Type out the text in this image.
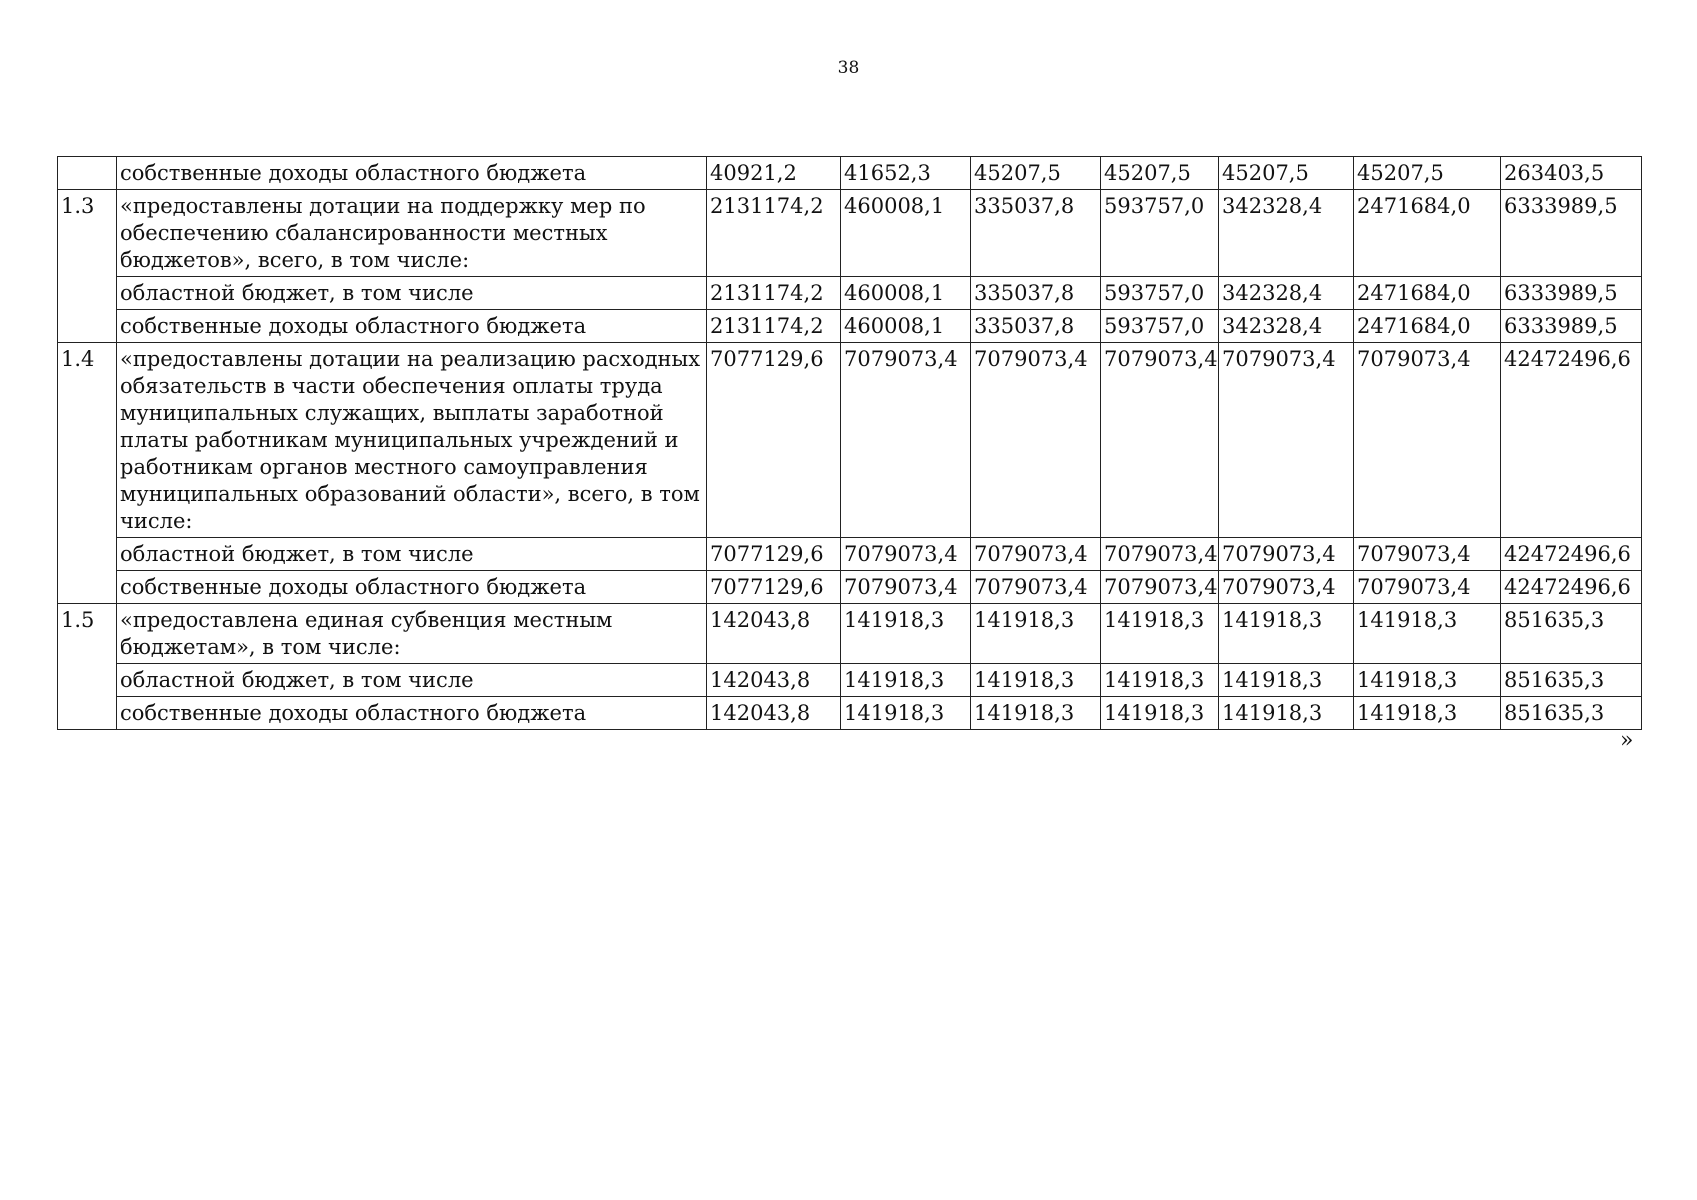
38
	собственные доходы областного бюджета	40921,2	41652,3	45207,5	45207,5	45207,5	45207,5	263403,5
1.3	«предоставлены дотации на поддержку мер по обеспечению сбалансированности местных бюджетов», всего, в том числе:	2131174,2	460008,1	335037,8	593757,0	342328,4	2471684,0	6333989,5
	областной бюджет, в том числе	2131174,2	460008,1	335037,8	593757,0	342328,4	2471684,0	6333989,5
	собственные доходы областного бюджета	2131174,2	460008,1	335037,8	593757,0	342328,4	2471684,0	6333989,5
1.4	«предоставлены дотации на реализацию расходных обязательств в части обеспечения оплаты труда муниципальных служащих, выплаты заработной платы работникам муниципальных учреждений и работникам органов местного самоуправления муниципальных образований области», всего, в том числе:	7077129,6	7079073,4	7079073,4	7079073,4	7079073,4	7079073,4	42472496,6
	областной бюджет, в том числе	7077129,6	7079073,4	7079073,4	7079073,4	7079073,4	7079073,4	42472496,6
	собственные доходы областного бюджета	7077129,6	7079073,4	7079073,4	7079073,4	7079073,4	7079073,4	42472496,6
1.5	«предоставлена единая субвенция местным бюджетам», в том числе:	142043,8	141918,3	141918,3	141918,3	141918,3	141918,3	851635,3
	областной бюджет, в том числе	142043,8	141918,3	141918,3	141918,3	141918,3	141918,3	851635,3
	собственные доходы областного бюджета	142043,8	141918,3	141918,3	141918,3	141918,3	141918,3	851635,3
»
